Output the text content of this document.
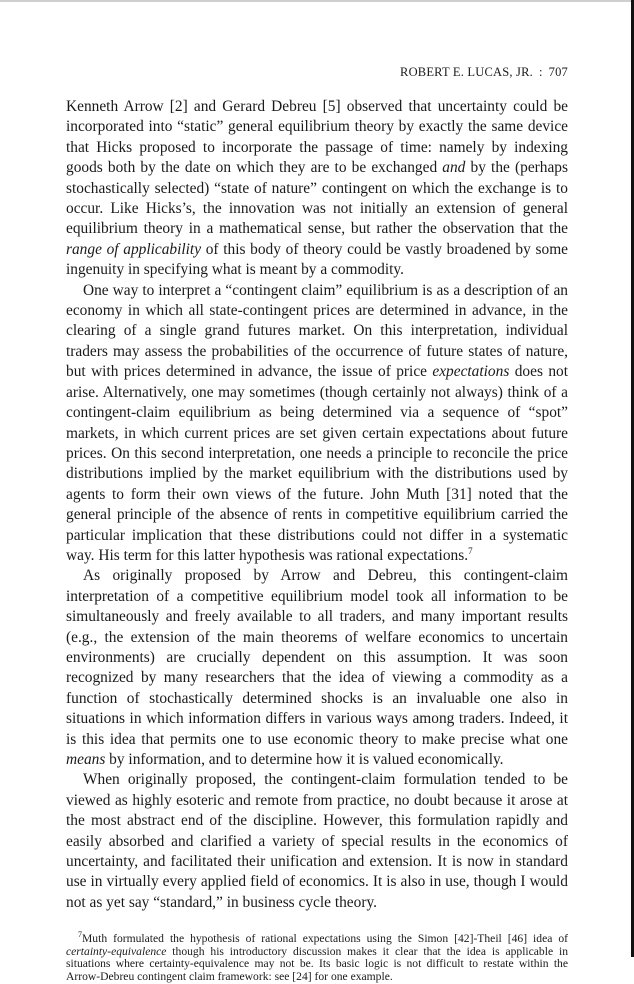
ROBERT E. LUCAS, JR. : 707

Kenneth Arrow [2] and Gerard Debreu [5] observed that uncertainty could be incorporated into “static” general equilibrium theory by exactly the same device that Hicks proposed to incorporate the passage of time: namely by indexing goods both by the date on which they are to be exchanged and by the (perhaps stochastically selected) “state of nature” contingent on which the exchange is to occur. Like Hicks’s, the innovation was not initially an extension of general equilibrium theory in a mathematical sense, but rather the observation that the range of applicability of this body of theory could be vastly broadened by some ingenuity in specifying what is meant by a commodity.

One way to interpret a “contingent claim” equilibrium is as a description of an economy in which all state-contingent prices are determined in advance, in the clearing of a single grand futures market. On this interpretation, individual traders may assess the probabilities of the occurrence of future states of nature, but with prices determined in advance, the issue of price expectations does not arise. Alternatively, one may sometimes (though certainly not always) think of a contingent-claim equilibrium as being determined via a sequence of “spot” markets, in which current prices are set given certain expectations about future prices. On this second interpretation, one needs a principle to reconcile the price distributions implied by the market equilibrium with the distributions used by agents to form their own views of the future. John Muth [31] noted that the general principle of the absence of rents in competitive equilibrium carried the particular implication that these distributions could not differ in a systematic way. His term for this latter hypothesis was rational expectations.$^7$

As originally proposed by Arrow and Debreu, this contingent-claim interpretation of a competitive equilibrium model took all information to be simultaneously and freely available to all traders, and many important results (e.g., the extension of the main theorems of welfare economics to uncertain environments) are crucially dependent on this assumption. It was soon recognized by many researchers that the idea of viewing a commodity as a function of stochastically determined shocks is an invaluable one also in situations in which information differs in various ways among traders. Indeed, it is this idea that permits one to use economic theory to make precise what one means by information, and to determine how it is valued economically.

When originally proposed, the contingent-claim formulation tended to be viewed as highly esoteric and remote from practice, no doubt because it arose at the most abstract end of the discipline. However, this formulation rapidly and easily absorbed and clarified a variety of special results in the economics of uncertainty, and facilitated their unification and extension. It is now in standard use in virtually every applied field of economics. It is also in use, though I would not as yet say “standard,” in business cycle theory.

$^7$Muth formulated the hypothesis of rational expectations using the Simon [42]-Theil [46] idea of certainty-equivalence though his introductory discussion makes it clear that the idea is applicable in situations where certainty-equivalence may not be. Its basic logic is not difficult to restate within the Arrow-Debreu contingent claim framework: see [24] for one example.
